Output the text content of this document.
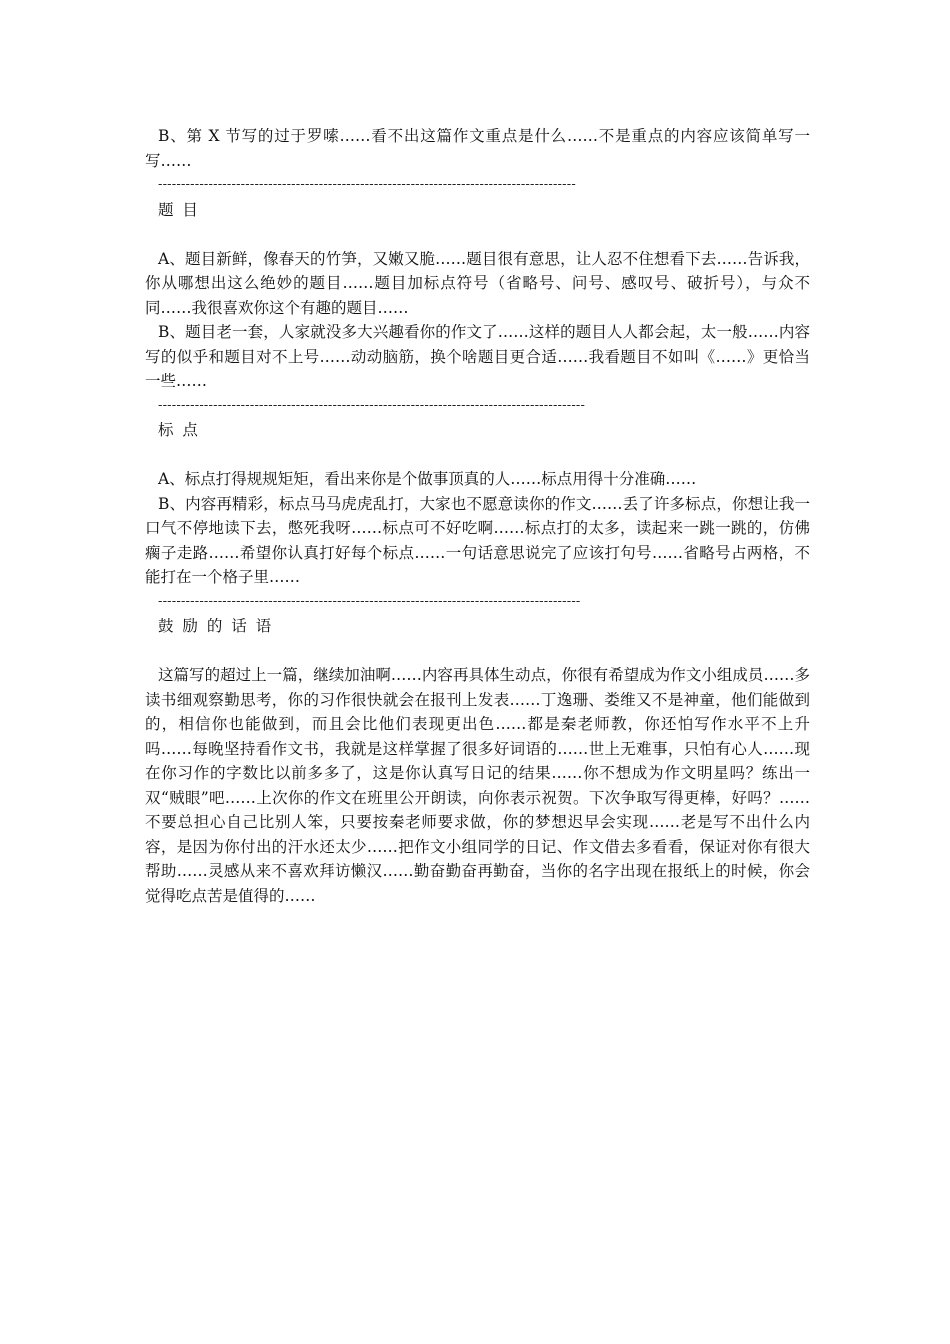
B、第 X 节写的过于罗嗦……看不出这篇作文重点是什么……不是重点的内容应该简单写一写……

-------------------------------------------------------------------------------------------

题 目

A、题目新鲜，像春天的竹笋，又嫩又脆……题目很有意思，让人忍不住想看下去……告诉我，你从哪想出这么绝妙的题目……题目加标点符号（省略号、问号、感叹号、破折号），与众不同……我很喜欢你这个有趣的题目……

B、题目老一套，人家就没多大兴趣看你的作文了……这样的题目人人都会起，太一般……内容写的似乎和题目对不上号……动动脑筋，换个啥题目更合适……我看题目不如叫《……》更恰当一些……

---------------------------------------------------------------------------------------------

标 点

A、标点打得规规矩矩，看出来你是个做事顶真的人……标点用得十分准确……

B、内容再精彩，标点马马虎虎乱打，大家也不愿意读你的作文……丢了许多标点，你想让我一口气不停地读下去，憋死我呀……标点可不好吃啊……标点打的太多，读起来一跳一跳的，仿佛瘸子走路……希望你认真打好每个标点……一句话意思说完了应该打句号……省略号占两格，不能打在一个格子里……

--------------------------------------------------------------------------------------------

鼓 励 的 话 语

这篇写的超过上一篇，继续加油啊……内容再具体生动点，你很有希望成为作文小组成员……多读书细观察勤思考，你的习作很快就会在报刊上发表……丁逸珊、娄维又不是神童，他们能做到的，相信你也能做到，而且会比他们表现更出色……都是秦老师教，你还怕写作水平不上升吗……每晚坚持看作文书，我就是这样掌握了很多好词语的……世上无难事，只怕有心人……现在你习作的字数比以前多多了，这是你认真写日记的结果……你不想成为作文明星吗？练出一双“贼眼”吧……上次你的作文在班里公开朗读，向你表示祝贺。下次争取写得更棒，好吗？……不要总担心自己比别人笨，只要按秦老师要求做，你的梦想迟早会实现……老是写不出什么内容，是因为你付出的汗水还太少……把作文小组同学的日记、作文借去多看看，保证对你有很大帮助……灵感从来不喜欢拜访懒汉……勤奋勤奋再勤奋，当你的名字出现在报纸上的时候，你会觉得吃点苦是值得的……
